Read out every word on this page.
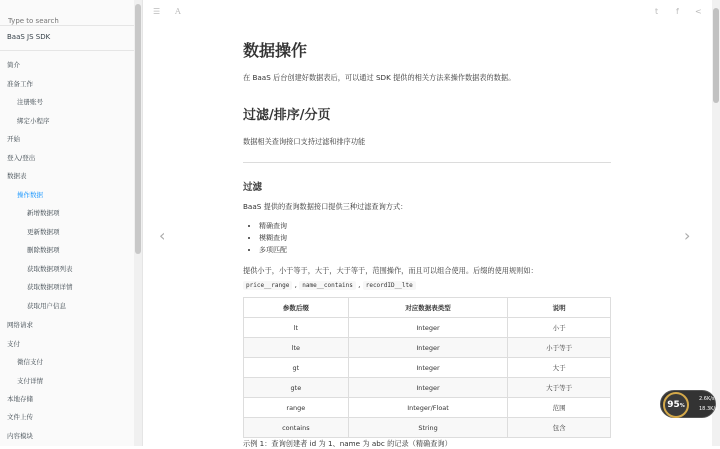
Type to search
BaaS JS SDK
简介
准备工作
注册账号
绑定小程序
开始
登入/登出
数据表
操作数据
新增数据项
更新数据项
删除数据项
获取数据项列表
获取数据项详情
获取用户信息
网络请求
支付
微信支付
支付详情
本地存储
文件上传
内容模块
☰ A	t f <
‹	›
数据操作
在 BaaS 后台创建好数据表后，可以通过 SDK 提供的相关方法来操作数据表的数据。
过滤/排序/分页
数据相关查询接口支持过滤和排序功能
过滤
BaaS 提供的查询数据接口提供三种过滤查询方式：
• 精确查询
• 模糊查询
• 多项匹配
提供小于，小于等于，大于，大于等于，范围操作，而且可以组合使用。后缀的使用规则如：
price__range , name__contains , recordID__lte
参数后缀	对应数据表类型	说明
lt	Integer	小于
lte	Integer	小于等于
gt	Integer	大于
gte	Integer	大于等于
range	Integer/Float	范围
contains	String	包含
示例 1：查询创建者 id 为 1、name 为 abc 的记录（精确查询）
95%
2.6K/s
18.3K/s
